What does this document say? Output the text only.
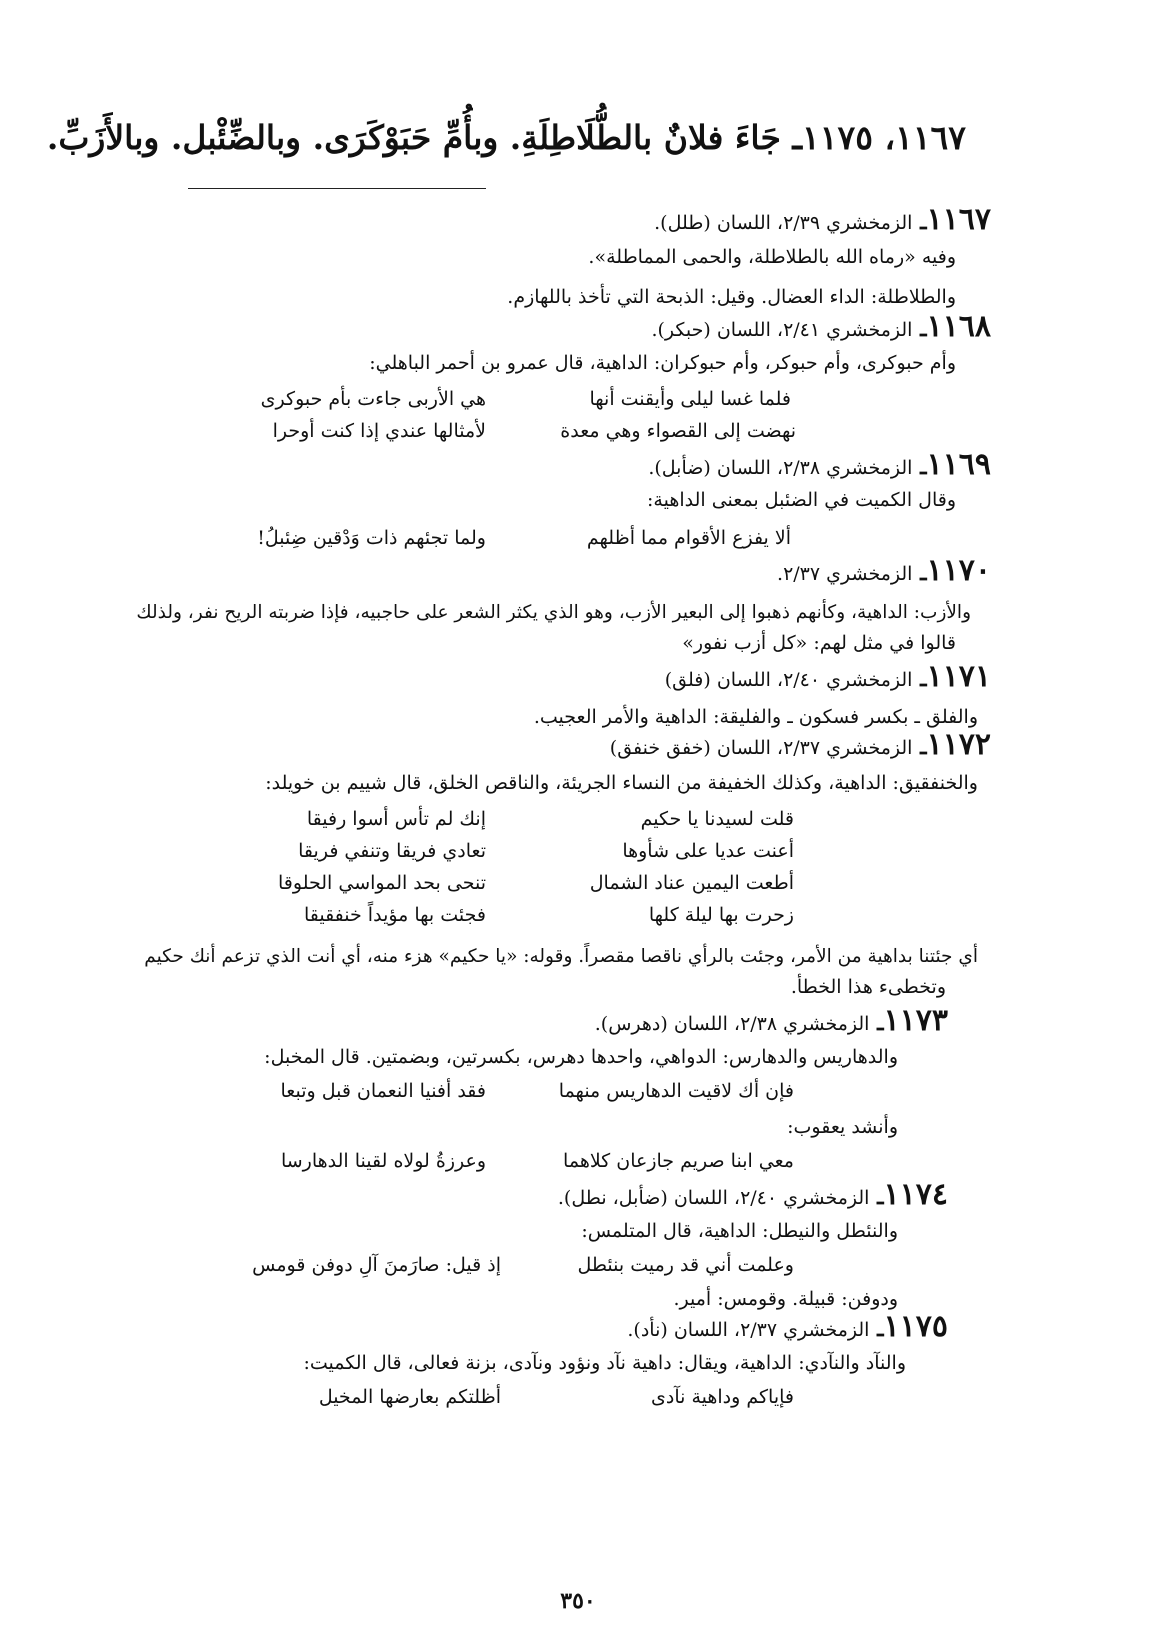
١١٦٧، ١١٧٥ـ جَاءَ فلانٌ بالطُّلَاطِلَةِ. وبأُمِّ حَبَوْكَرَى. وبالضِّئْبل. وبالأَزَبِّ.
١١٦٧ـ الزمخشري ٢/٣٩، اللسان (طلل).
وفيه «رماه الله بالطلاطلة، والحمى المماطلة».
والطلاطلة: الداء العضال. وقيل: الذبحة التي تأخذ باللهازم.
١١٦٨ـ الزمخشري ٢/٤١، اللسان (حبكر).
وأم حبوكرى، وأم حبوكر، وأم حبوكران: الداهية، قال عمرو بن أحمر الباهلي:
فلما غسا ليلى وأيقنت أنها
هي الأربى جاءت بأم حبوكرى
نهضت إلى القصواء وهي معدة
لأمثالها عندي إذا كنت أوحرا
١١٦٩ـ الزمخشري ٢/٣٨، اللسان (ضأبل).
وقال الكميت في الضئبل بمعنى الداهية:
ألا يفزع الأقوام مما أظلهم
ولما تجئهم ذات وَدْقين ضِئبلُ!
١١٧٠ـ الزمخشري ٢/٣٧.
والأزب: الداهية، وكأنهم ذهبوا إلى البعير الأزب، وهو الذي يكثر الشعر على حاجبيه، فإذا ضربته الريح نفر، ولذلك
قالوا في مثل لهم: «كل أزب نفور»
١١٧١ـ الزمخشري ٢/٤٠، اللسان (فلق)
والفلق ـ بكسر فسكون ـ والفليقة: الداهية والأمر العجيب.
١١٧٢ـ الزمخشري ٢/٣٧، اللسان (خفق خنفق)
والخنفقيق: الداهية، وكذلك الخفيفة من النساء الجريئة، والناقص الخلق، قال شييم بن خويلد:
قلت لسيدنا يا حكيم
إنك لم تأس أسوا رفيقا
أعنت عديا على شأوها
تعادي فريقا وتنفي فريقا
أطعت اليمين عناد الشمال
تنحى بحد المواسي الحلوقا
زحرت بها ليلة كلها
فجئت بها مؤيداً خنفقيقا
أي جئتنا بداهية من الأمر، وجئت بالرأي ناقصا مقصراً. وقوله: «يا حكيم» هزء منه، أي أنت الذي تزعم أنك حكيم
وتخطىء هذا الخطأ.
١١٧٣ـ الزمخشري ٢/٣٨، اللسان (دهرس).
والدهاريس والدهارس: الدواهي، واحدها دهرس، بكسرتين، وبضمتين. قال المخبل:
فإن أك لاقيت الدهاريس منهما
فقد أفنيا النعمان قبل وتبعا
وأنشد يعقوب:
معي ابنا صريم جازعان كلاهما
وعرزةُ لولاه لقينا الدهارسا
١١٧٤ـ الزمخشري ٢/٤٠، اللسان (ضأبل، نطل).
والنئطل والنيطل: الداهية، قال المتلمس:
وعلمت أني قد رميت بنئطل
إذ قيل: صارَمنَ آلِ دوفن قومس
ودوفن: قبيلة. وقومس: أمير.
١١٧٥ـ الزمخشري ٢/٣٧، اللسان (نأد).
والنآد والنآدي: الداهية، ويقال: داهية نآد ونؤود ونآدى، بزنة فعالى، قال الكميت:
فإياكم وداهية نآدى
أظلتكم بعارضها المخيل
٣٥٠
